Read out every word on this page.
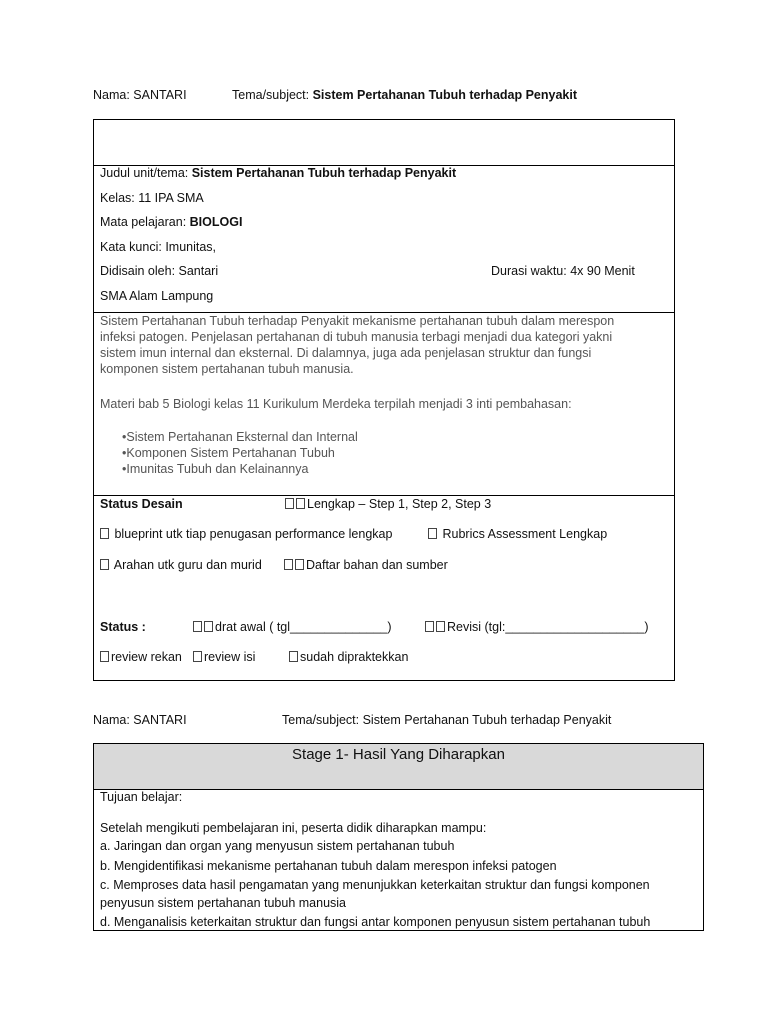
Nama: SANTARI	Tema/subject: Sistem Pertahanan Tubuh terhadap Penyakit
Judul unit/tema: Sistem Pertahanan Tubuh terhadap Penyakit
Kelas: 11 IPA SMA
Mata pelajaran: BIOLOGI
Kata kunci: Imunitas,
Didisain oleh: Santari	Durasi waktu: 4x 90 Menit
SMA Alam Lampung
Sistem Pertahanan Tubuh terhadap Penyakit mekanisme pertahanan tubuh dalam merespon
infeksi patogen. Penjelasan pertahanan di tubuh manusia terbagi menjadi dua kategori yakni
sistem imun internal dan eksternal. Di dalamnya, juga ada penjelasan struktur dan fungsi
komponen sistem pertahanan tubuh manusia.
Materi bab 5 Biologi kelas 11 Kurikulum Merdeka terpilah menjadi 3 inti pembahasan:
•Sistem Pertahanan Eksternal dan Internal
•Komponen Sistem Pertahanan Tubuh
•Imunitas Tubuh dan Kelainannya
Status Desain	Lengkap – Step 1, Step 2, Step 3
blueprint utk tiap penugasan performance lengkap	Rubrics Assessment Lengkap
Arahan utk guru dan murid	Daftar bahan dan sumber
Status :	drat awal ( tgl______________)	Revisi (tgl:____________________)
review rekan	review isi	sudah dipraktekkan
Nama: SANTARI	Tema/subject: Sistem Pertahanan Tubuh terhadap Penyakit
Stage 1- Hasil Yang Diharapkan
Tujuan belajar:
Setelah mengikuti pembelajaran ini, peserta didik diharapkan mampu:
a. Jaringan dan organ yang menyusun sistem pertahanan tubuh
b. Mengidentifikasi mekanisme pertahanan tubuh dalam merespon infeksi patogen
c. Memproses data hasil pengamatan yang menunjukkan keterkaitan struktur dan fungsi komponen
penyusun sistem pertahanan tubuh manusia
d. Menganalisis keterkaitan struktur dan fungsi antar komponen penyusun sistem pertahanan tubuh
